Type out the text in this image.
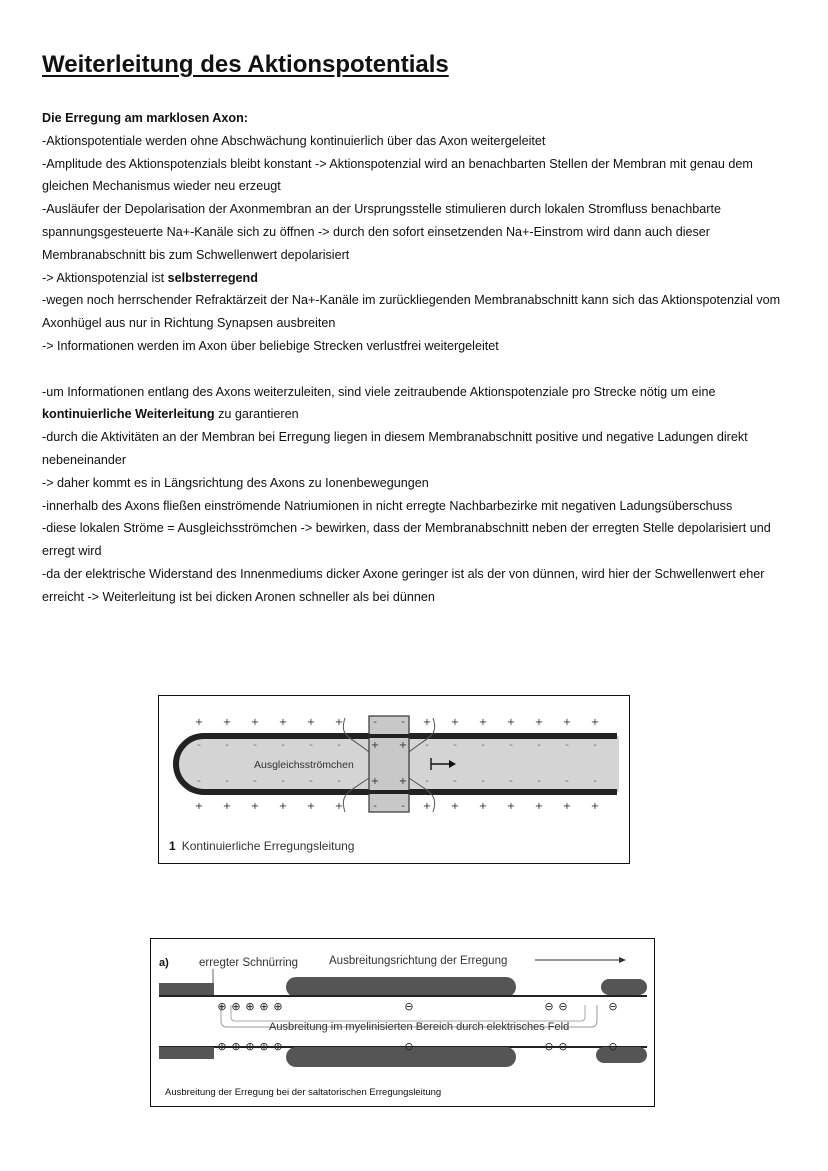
Weiterleitung des Aktionspotentials

Die Erregung am marklosen Axon:

-Aktionspotentiale werden ohne Abschwächung kontinuierlich über das Axon weitergeleitet

-Amplitude des Aktionspotenzials bleibt konstant -> Aktionspotenzial wird an benachbarten Stellen der Membran mit genau dem gleichen Mechanismus wieder neu erzeugt

-Ausläufer der Depolarisation der Axonmembran an der Ursprungsstelle stimulieren durch lokalen Stromfluss benachbarte spannungsgesteuerte Na+-Kanäle sich zu öffnen -> durch den sofort einsetzenden Na+-Einstrom wird dann auch dieser Membranabschnitt bis zum Schwellenwert depolarisiert

-> Aktionspotenzial ist selbsterregend

-wegen noch herrschender Refraktärzeit der Na+-Kanäle im zurückliegenden Membranabschnitt kann sich das Aktionspotenzial vom Axonhügel aus nur in Richtung Synapsen ausbreiten

-> Informationen werden im Axon über beliebige Strecken verlustfrei weitergeleitet

-um Informationen entlang des Axons weiterzuleiten, sind viele zeitraubende Aktionspotenziale pro Strecke nötig um eine kontinuierliche Weiterleitung zu garantieren

-durch die Aktivitäten an der Membran bei Erregung liegen in diesem Membranabschnitt positive und negative Ladungen direkt nebeneinander

-> daher kommt es in Längsrichtung des Axons zu Ionenbewegungen

-innerhalb des Axons fließen einströmende Natriumionen in nicht erregte Nachbarbezirke mit negativen Ladungsüberschuss

-diese lokalen Ströme = Ausgleichsströmchen -> bewirken, dass der Membranabschnitt neben der erregten Stelle depolarisiert und erregt wird

-da der elektrische Widerstand des Innenmediums dicker Axone geringer ist als der von dünnen, wird hier der Schwellenwert eher erreicht -> Weiterleitung ist bei dicken Aronen schneller als bei dünnen

Ausgleichsströmchen
+
+
-
-
+
+
-
-
+
+
-
-
+
+
-
-
+
+
-
-
+
+
-
-
+
+
-
-
+
+
-
-
+
+
-
-
+
+
-
-
+
+
-
-
+
+
-
-
+
+
-
-
- -
+ +
+ +
- -

1 Kontinuierliche Erregungsleitung

a)	erregter Schnürring	Ausbreitungsrichtung der Erregung
Ausbreitung im myelinisierten Bereich durch elektrisches Feld
⊕
⊕
⊕
⊕
⊕
⊕
⊕
⊕
⊕
⊕
⊖
⊖
⊖
⊖
⊖
⊖
⊖
⊖

Ausbreitung der Erregung bei der saltatorischen Erregungsleitung
